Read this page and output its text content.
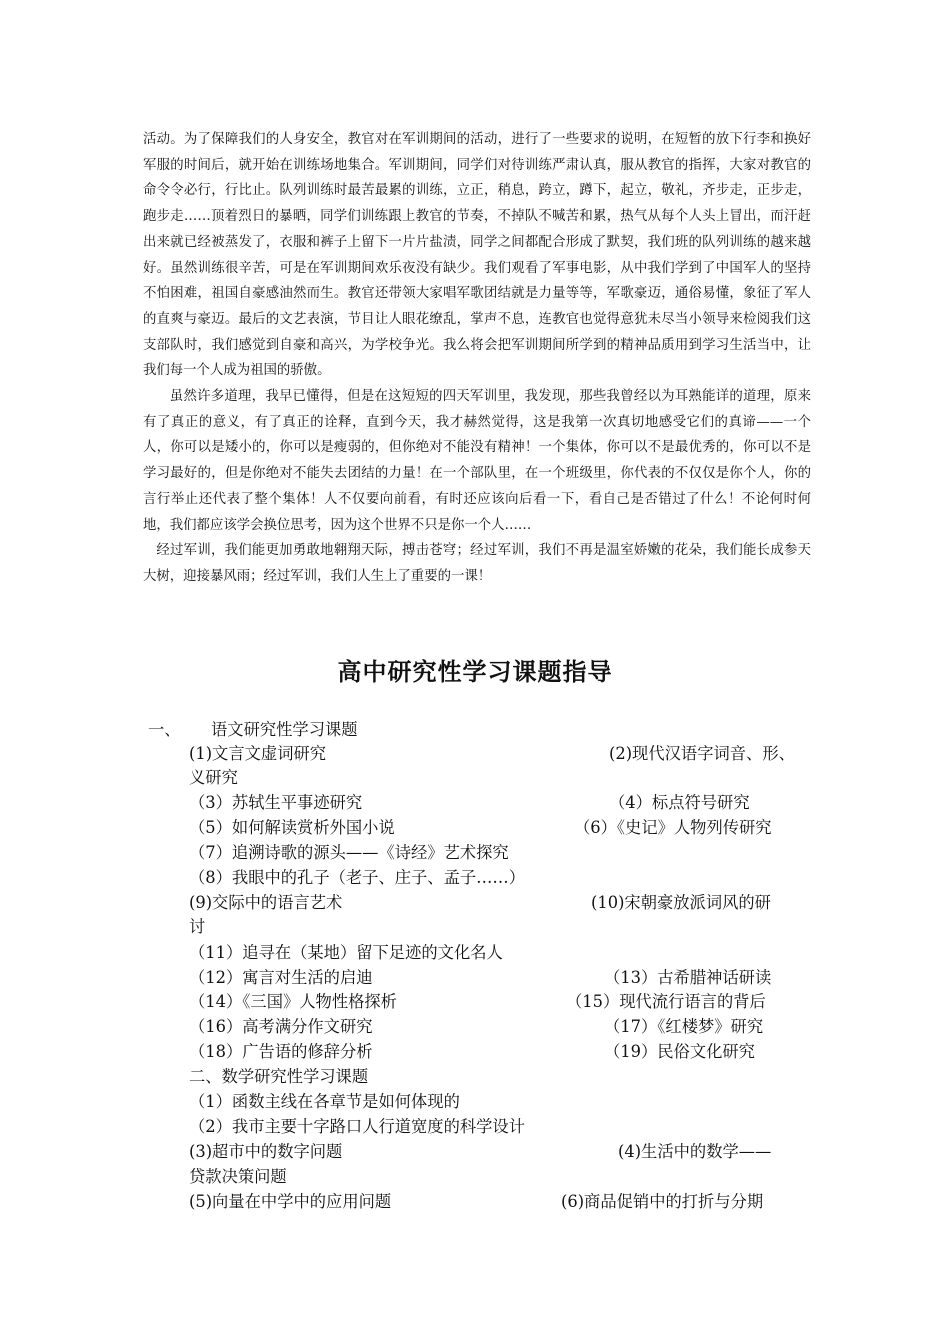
活动。为了保障我们的人身安全，教官对在军训期间的活动，进行了一些要求的说明，在短暂的放下行李和换好军服的时间后，就开始在训练场地集合。军训期间，同学们对待训练严肃认真，服从教官的指挥，大家对教官的命令令必行，行比止。队列训练时最苦最累的训练，立正，稍息，跨立，蹲下，起立，敬礼，齐步走，正步走，跑步走……顶着烈日的暴晒，同学们训练跟上教官的节奏，不掉队不喊苦和累，热气从每个人头上冒出，而汗赶出来就已经被蒸发了，衣服和裤子上留下一片片盐渍，同学之间都配合形成了默契，我们班的队列训练的越来越好。虽然训练很辛苦，可是在军训期间欢乐夜没有缺少。我们观看了军事电影，从中我们学到了中国军人的坚持不怕困难，祖国自豪感油然而生。教官还带领大家唱军歌团结就是力量等等，军歌豪迈，通俗易懂，象征了军人的直爽与豪迈。最后的文艺表演，节目让人眼花缭乱，掌声不息，连教官也觉得意犹未尽当小领导来检阅我们这支部队时，我们感觉到自豪和高兴，为学校争光。我么将会把军训期间所学到的精神品质用到学习生活当中，让我们每一个人成为祖国的骄傲。

虽然许多道理，我早已懂得，但是在这短短的四天军训里，我发现，那些我曾经以为耳熟能详的道理，原来有了真正的意义，有了真正的诠释，直到今天，我才赫然觉得，这是我第一次真切地感受它们的真谛——一个人，你可以是矮小的，你可以是瘦弱的，但你绝对不能没有精神！一个集体，你可以不是最优秀的，你可以不是学习最好的，但是你绝对不能失去团结的力量！在一个部队里，在一个班级里，你代表的不仅仅是你个人，你的言行举止还代表了整个集体！人不仅要向前看，有时还应该向后看一下，看自己是否错过了什么！不论何时何地，我们都应该学会换位思考，因为这个世界不只是你一个人……

经过军训，我们能更加勇敢地翱翔天际，搏击苍穹；经过军训，我们不再是温室娇嫩的花朵，我们能长成参天大树，迎接暴风雨；经过军训，我们人生上了重要的一课！

高中研究性学习课题指导
一、 语文研究性学习课题
(1)文言文虚词研究	(2)现代汉语字词音、形、
义研究
（3）苏轼生平事迹研究	（4）标点符号研究
（5）如何解读赏析外国小说	（6）《史记》人物列传研究
（7）追溯诗歌的源头——《诗经》艺术探究
（8）我眼中的孔子（老子、庄子、孟子……）
(9)交际中的语言艺术	(10)宋朝豪放派词风的研
讨
（11）追寻在（某地）留下足迹的文化名人
（12）寓言对生活的启迪	（13）古希腊神话研读
（14）《三国》人物性格探析	（15）现代流行语言的背后
（16）高考满分作文研究	（17）《红楼梦》研究
（18）广告语的修辞分析	（19）民俗文化研究
二、数学研究性学习课题
（1）函数主线在各章节是如何体现的
（2）我市主要十字路口人行道宽度的科学设计
(3)超市中的数字问题	(4)生活中的数学——
贷款决策问题
(5)向量在中学中的应用问题	(6)商品促销中的打折与分期
